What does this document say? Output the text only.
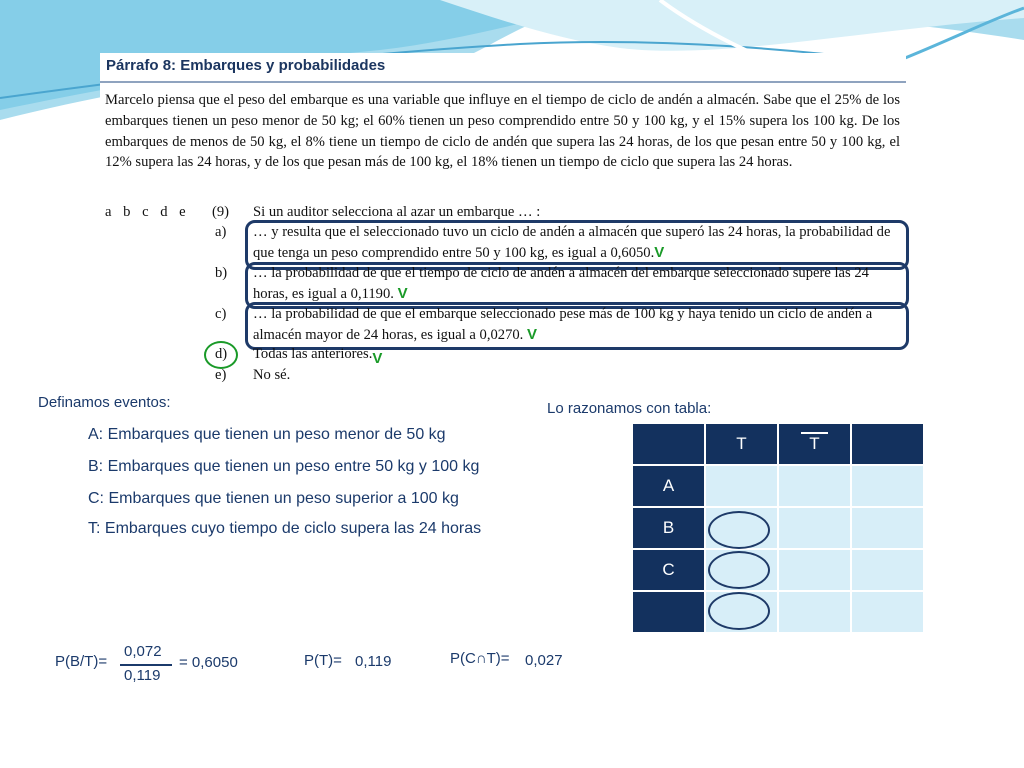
Párrafo 8: Embarques y probabilidades

Marcelo piensa que el peso del embarque es una variable que influye en el tiempo de ciclo de andén a almacén. Sabe que el 25% de los embarques tienen un peso menor de 50 kg; el 60% tienen un peso comprendido entre 50 y 100 kg, y el 15% supera los 100 kg. De los embarques de menos de 50 kg, el 8% tiene un tiempo de ciclo de andén que supera las 24 horas, de los que pesan entre 50 y 100 kg, el 12% supera las 24 horas, y de los que pesan más de 100 kg, el 18% tienen un tiempo de ciclo que supera las 24 horas.

a b c d e (9) Si un auditor selecciona al azar un embarque … :
a) … y resulta que el seleccionado tuvo un ciclo de andén a almacén que superó las 24 horas, la probabilidad de que tenga un peso comprendido entre 50 y 100 kg, es igual a 0,6050.V
b) … la probabilidad de que el tiempo de ciclo de andén a almacén del embarque seleccionado supere las 24 horas, es igual a 0,1190. V
c) … la probabilidad de que el embarque seleccionado pese más de 100 kg y haya tenido un ciclo de andén a almacén mayor de 24 horas, es igual a 0,0270. V
d) Todas las anteriores.V
e) No sé.
Definamos eventos:
A: Embarques que tienen un peso menor de 50 kg
B: Embarques que tienen un peso entre 50 kg y 100 kg
C: Embarques que tienen un peso superior a 100 kg
T: Embarques cuyo tiempo de ciclo supera las 24 horas
Lo razonamos con tabla:
T	T
A
B
C
P(B/T)=
0,072
0,119
= 0,6050	P(T)= 0,119	P(C∩T)= 0,027
